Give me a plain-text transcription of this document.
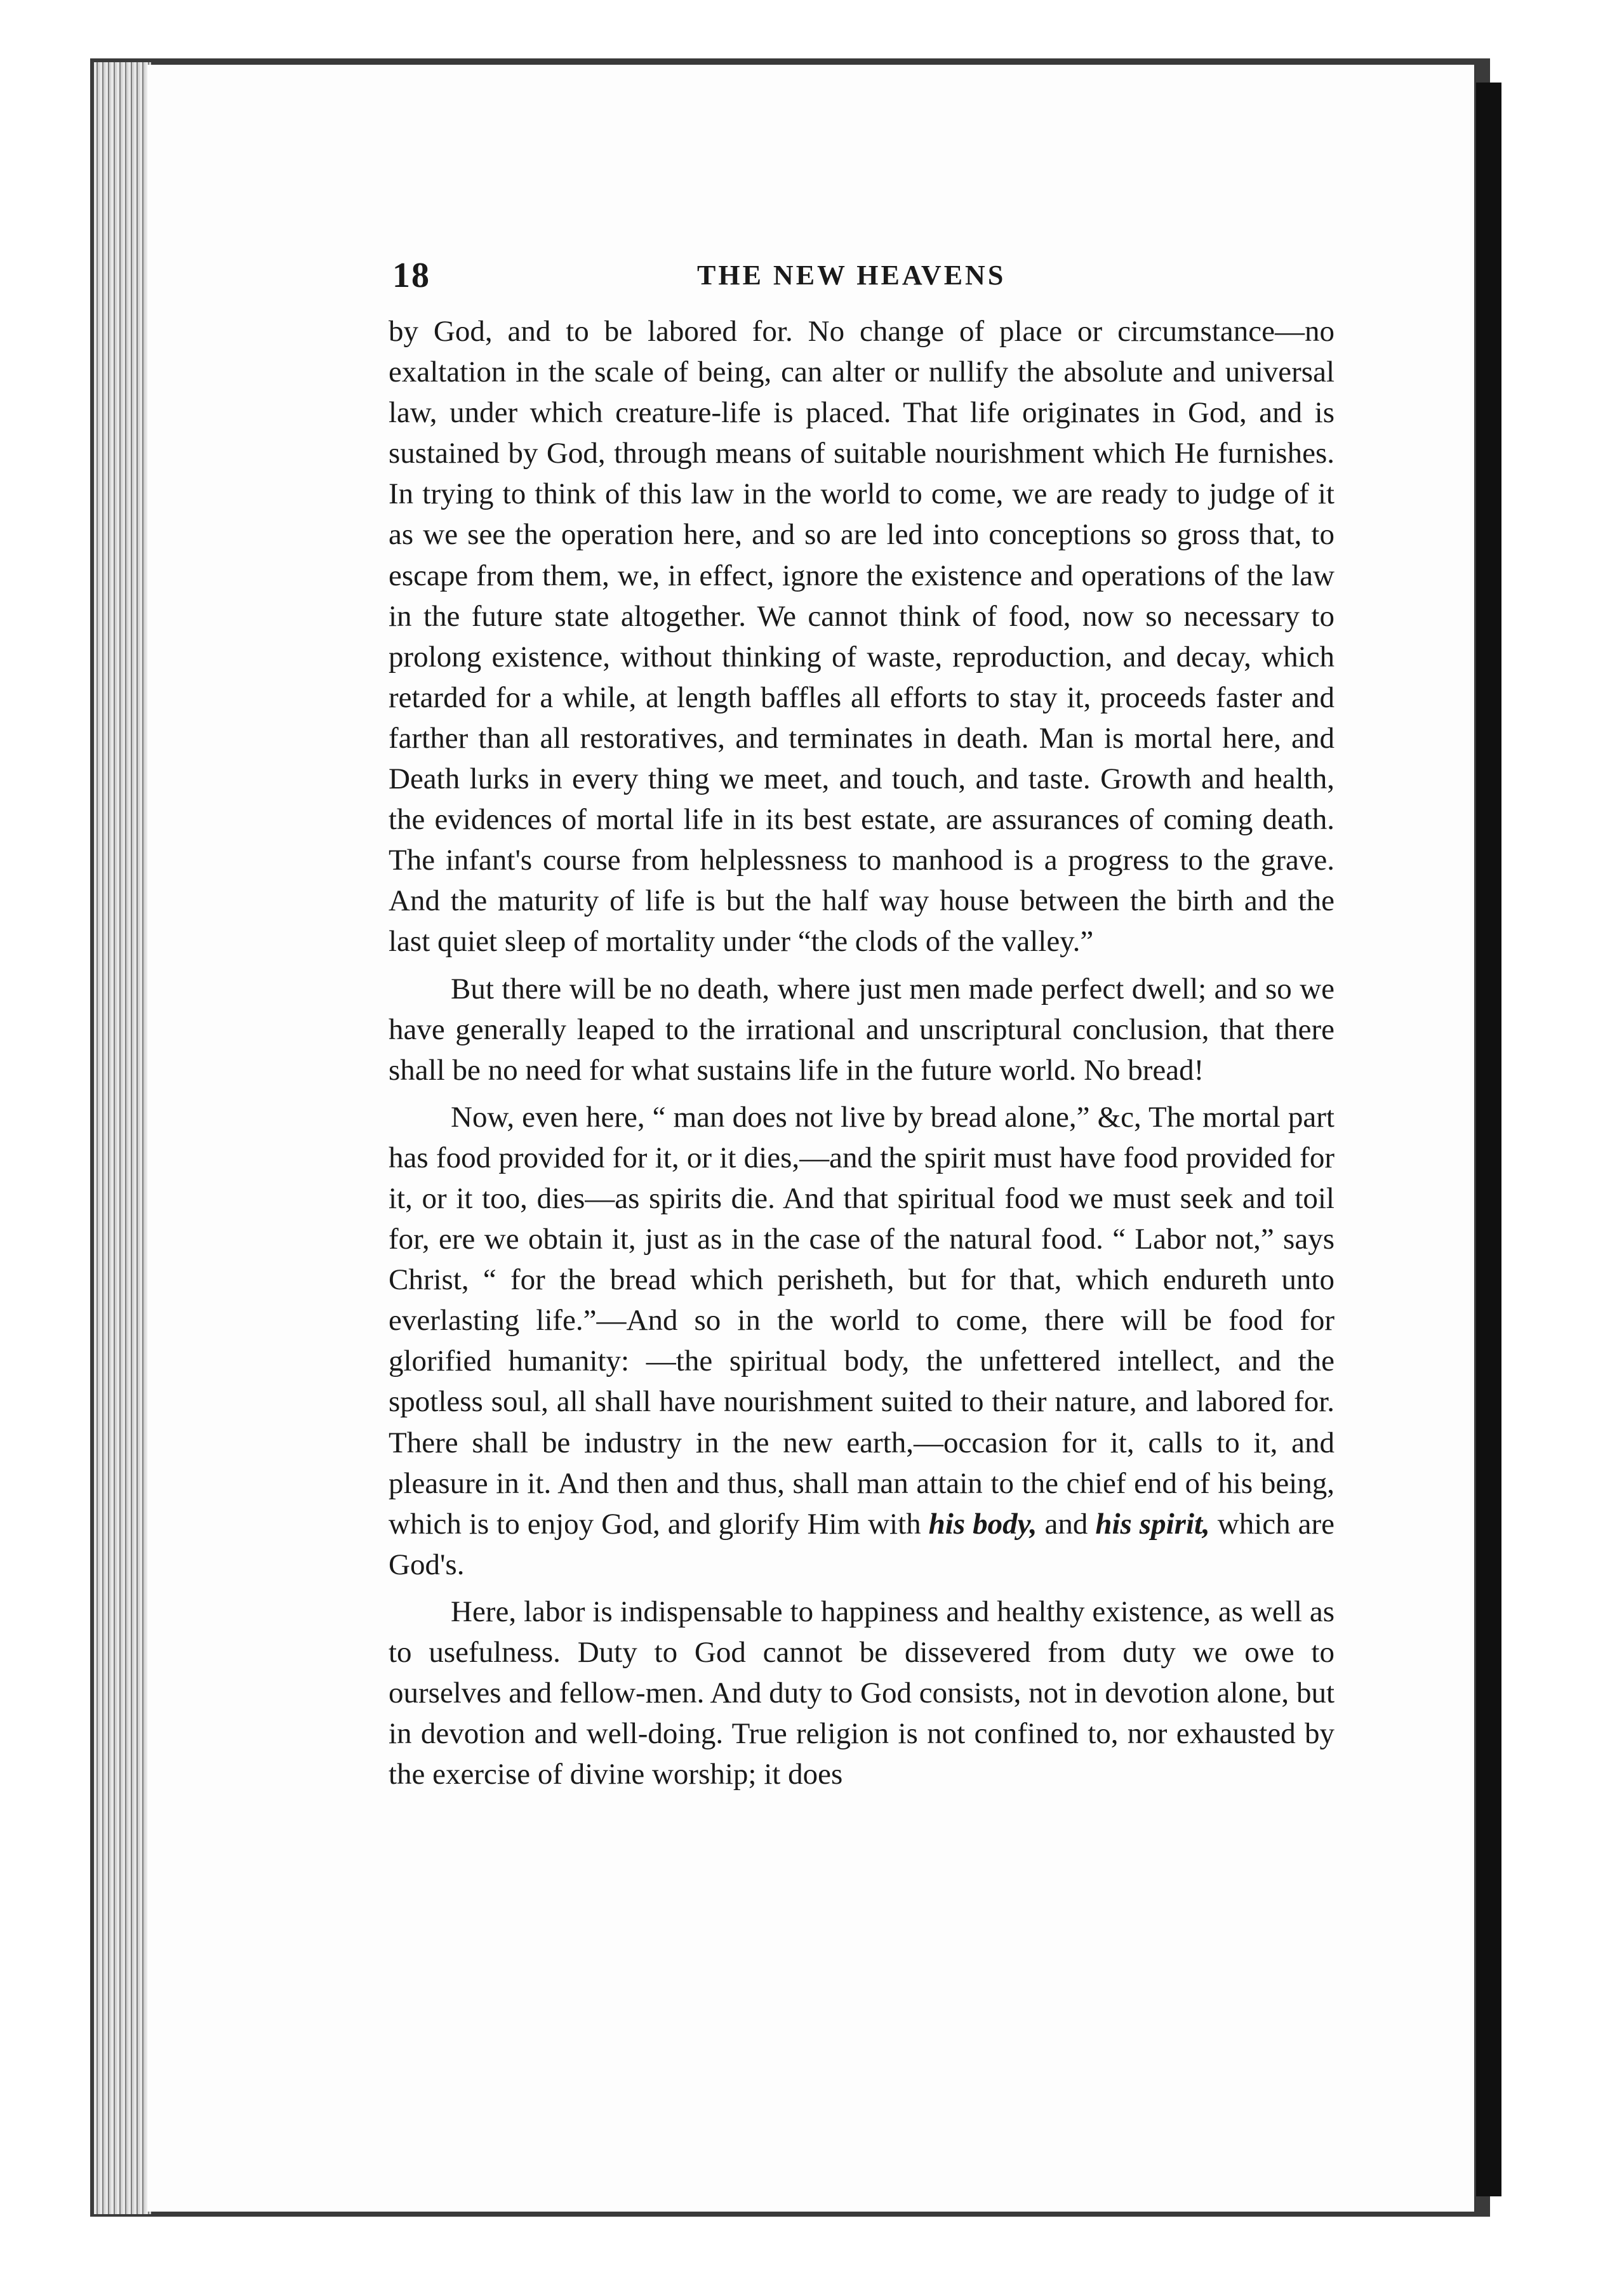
18	THE NEW HEAVENS

by God, and to be labored for. No change of place or circumstance—no exaltation in the scale of being, can alter or nullify the absolute and universal law, under which creature-life is placed. That life originates in God, and is sustained by God, through means of suitable nourishment which He furnishes. In trying to think of this law in the world to come, we are ready to judge of it as we see the operation here, and so are led into conceptions so gross that, to escape from them, we, in effect, ignore the existence and operations of the law in the future state altogether. We cannot think of food, now so necessary to prolong existence, without thinking of waste, reproduction, and decay, which retarded for a while, at length baffles all efforts to stay it, proceeds faster and farther than all restoratives, and terminates in death. Man is mortal here, and Death lurks in every thing we meet, and touch, and taste. Growth and health, the evidences of mortal life in its best estate, are assurances of coming death. The infant's course from helplessness to manhood is a progress to the grave. And the maturity of life is but the half way house between the birth and the last quiet sleep of mortality under “the clods of the valley.”

But there will be no death, where just men made perfect dwell; and so we have generally leaped to the irrational and unscriptural conclusion, that there shall be no need for what sustains life in the future world. No bread!

Now, even here, “ man does not live by bread alone,” &c, The mortal part has food provided for it, or it dies,—and the spirit must have food provided for it, or it too, dies—as spirits die. And that spiritual food we must seek and toil for, ere we obtain it, just as in the case of the natural food. “ Labor not,” says Christ, “ for the bread which perisheth, but for that, which endureth unto everlasting life.”—And so in the world to come, there will be food for glorified humanity: —the spiritual body, the unfettered intellect, and the spotless soul, all shall have nourishment suited to their nature, and labored for. There shall be industry in the new earth,—occasion for it, calls to it, and pleasure in it. And then and thus, shall man attain to the chief end of his being, which is to enjoy God, and glorify Him with his body, and his spirit, which are God's.

Here, labor is indispensable to happiness and healthy existence, as well as to usefulness. Duty to God cannot be dissevered from duty we owe to ourselves and fellow-men. And duty to God consists, not in devotion alone, but in devotion and well-doing. True religion is not confined to, nor exhausted by the exercise of divine worship; it does
